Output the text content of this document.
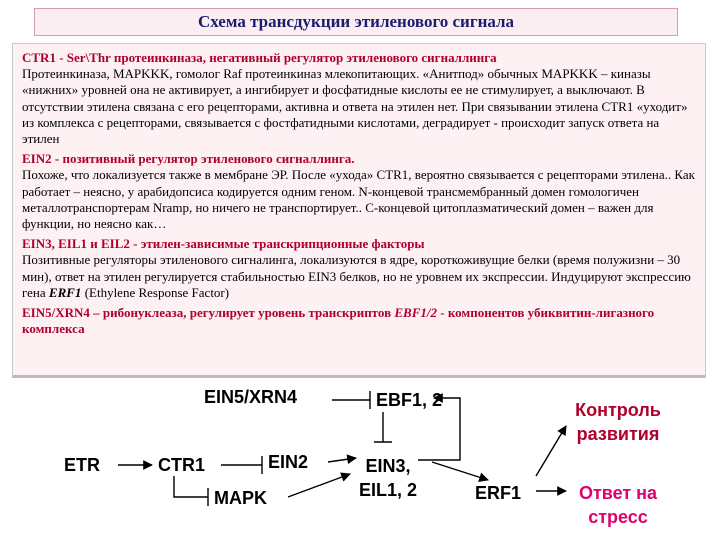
Схема трансдукции этиленового сигнала
CTR1 - Ser\Thr протеинкиназа, негативный регулятор этиленового сигналлинга
Протеинкиназа, MAPKKK, гомолог Raf протеинкиназ млекопитающих. «Анитпод» обычных MAPKKK – киназы «нижних» уровней она не активирует, а ингибирует и фосфатидные кислоты ее не стимулирует, а выключают. В отсутствии этилена связана с его рецепторами, активна и ответа на этилен нет. При связывании этилена CTR1 «уходит» из комплекса с рецепторами, связывается с фостфатидными кислотами, деградирует - происходит запуск ответа на этилен
EIN2 - позитивный регулятор этиленового сигналлинга.
Похоже, что локализуется также в мембране ЭР. После «ухода» CTR1, вероятно связывается с рецепторами этилена.. Как работает – неясно, у арабидопсиса кодируется одним геном. N-концевой трансмембранный домен гомологичен металлотранспортерам Nramp, но ничего не транспортирует.. С-концевой цитоплазматический домен – важен для функции, но неясно как…
EIN3, EIL1 и EIL2 - этилен-зависимые транскрипционные факторы
Позитивные регуляторы этиленового сигналинга, локализуются в ядре, короткоживущие белки (время полужизни – 30 мин), ответ на этилен регулируется стабильностью EIN3 белков, но не уровнем их экспрессии. Индуцируют экспрессию гена ERF1 (Ethylene Response Factor)
EIN5/XRN4 – рибонуклеаза, регулирует уровень транскриптов EBF1/2 - компонентов убиквитин-лигазного комплекса
ETR	CTR1	EIN2
MAPK
EIN5/XRN4	EBF1, 2
EIN3,
EIL1, 2	ERF1
Контроль
развития
Ответ на
стресс
